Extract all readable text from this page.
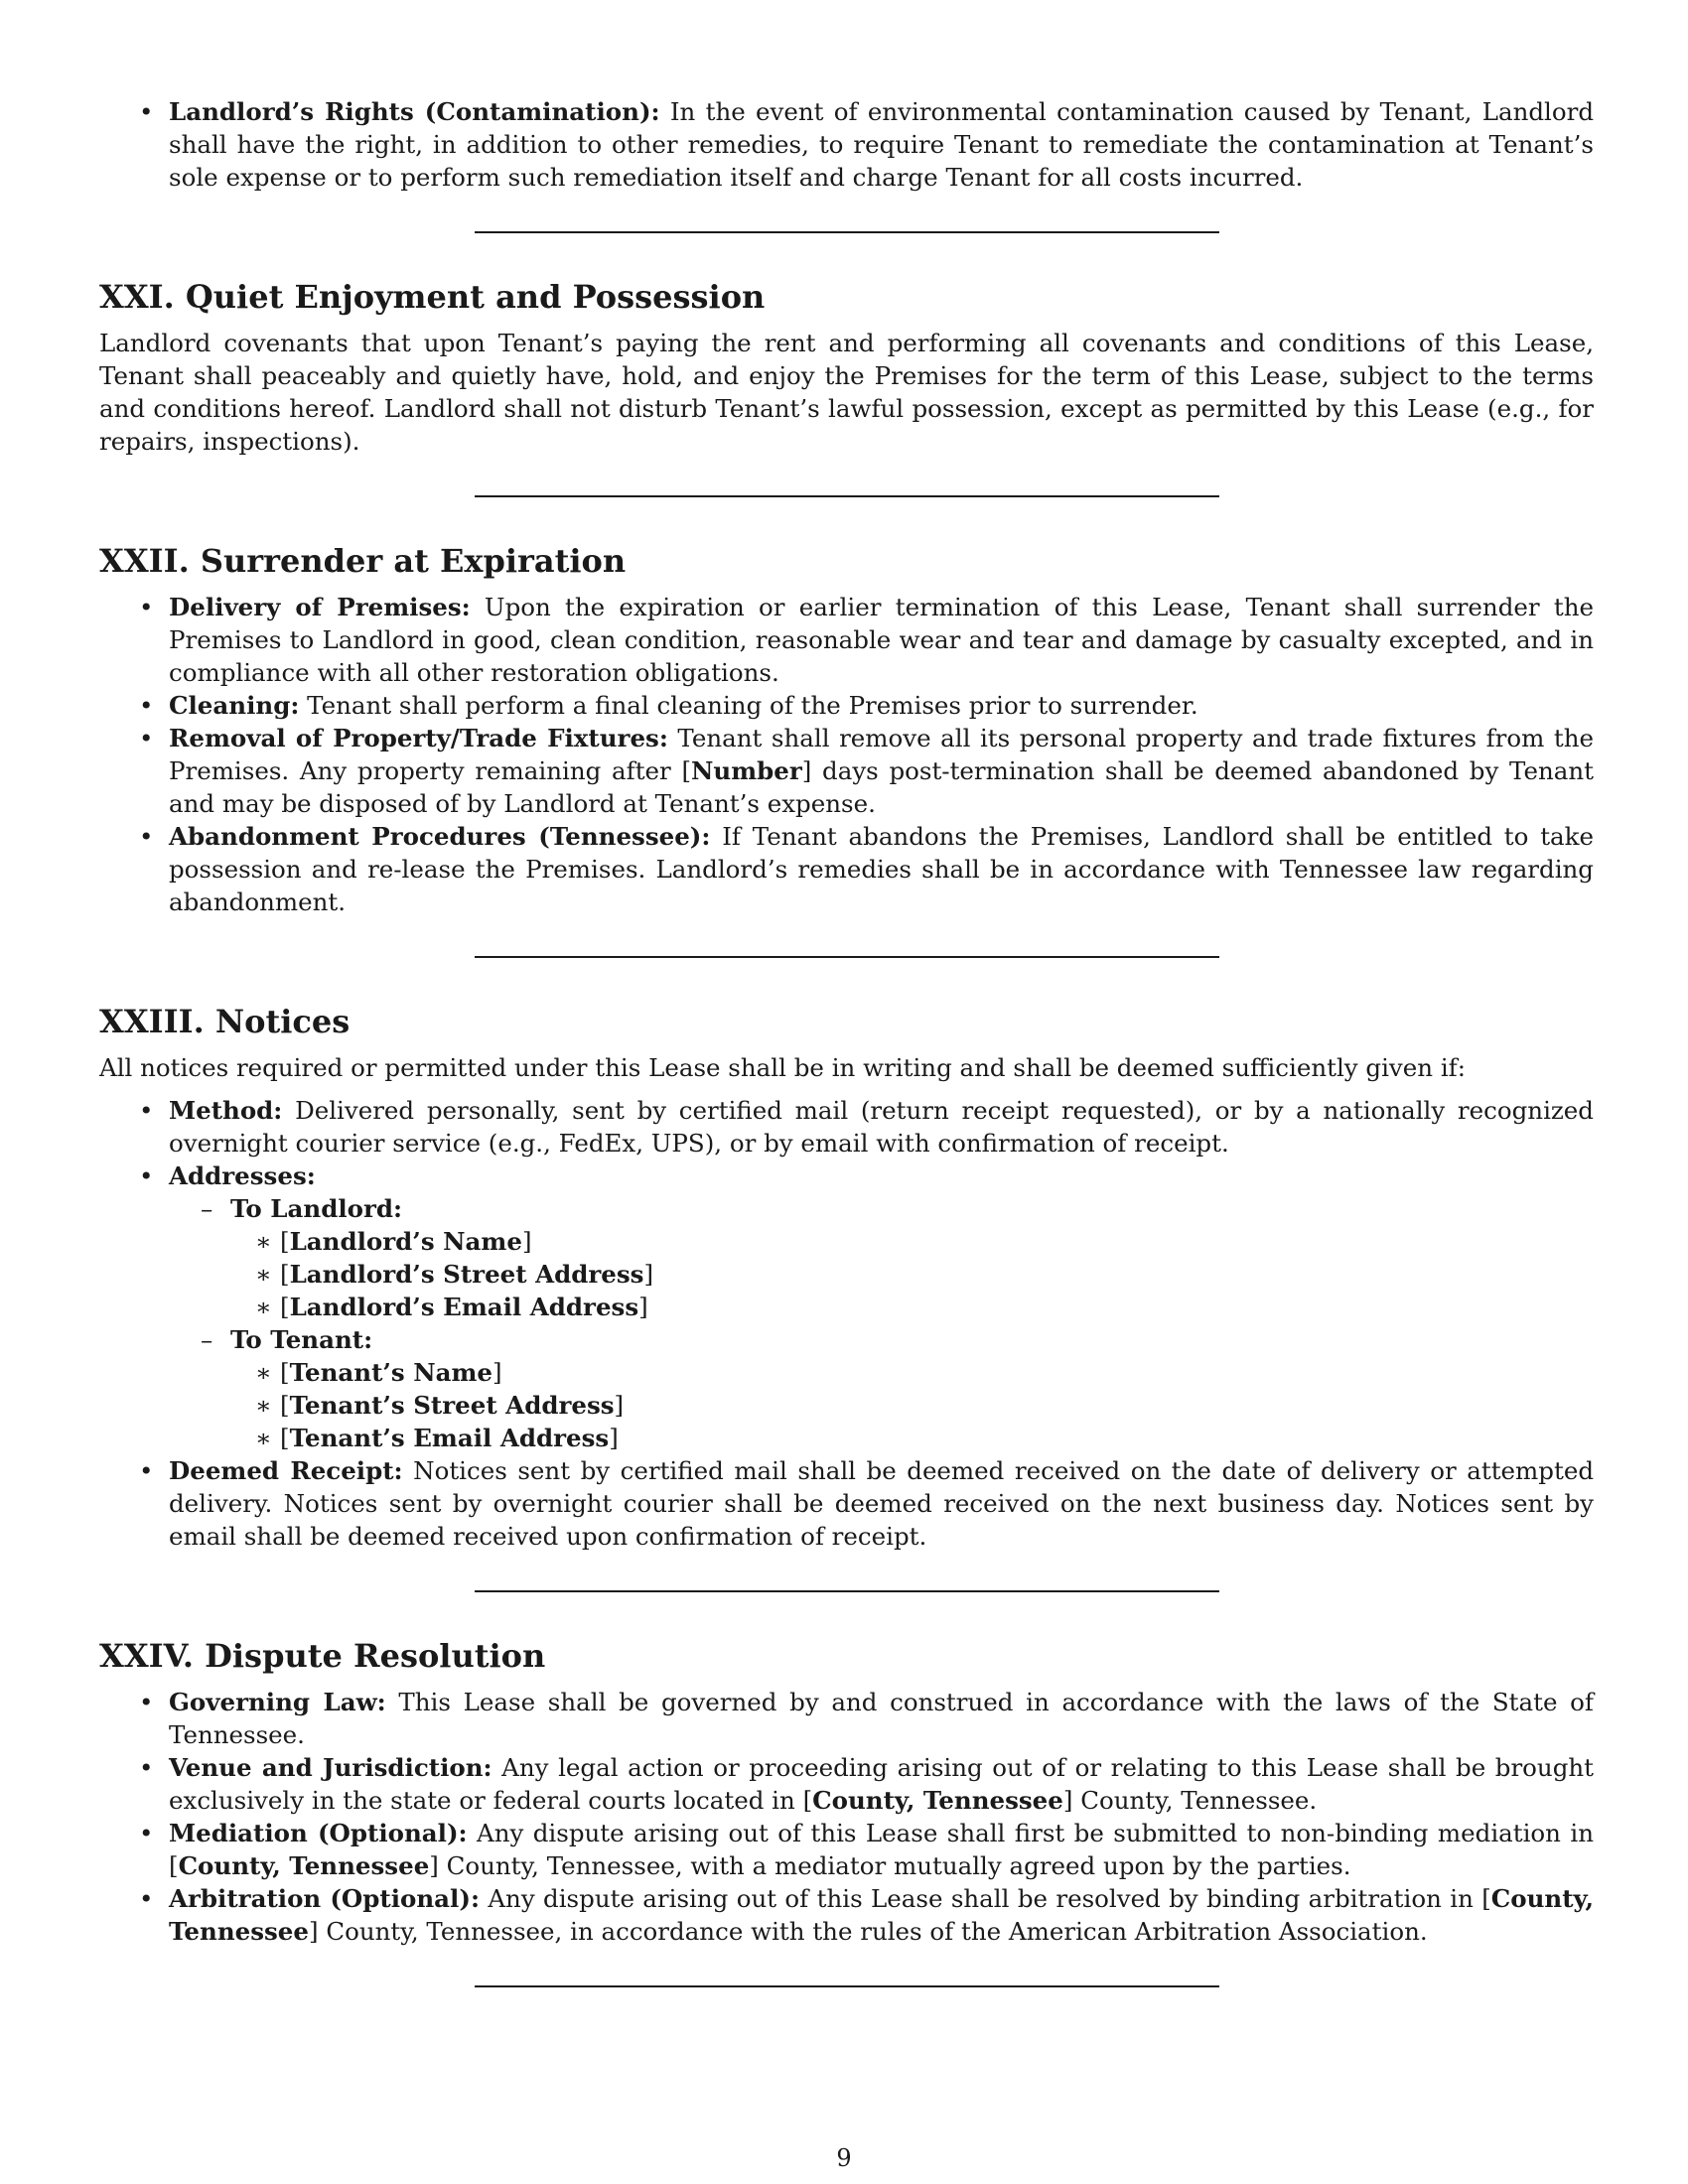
• Landlord’s Rights (Contamination): In the event of environmental contamination caused by Tenant, Landlord shall have the right, in addition to other remedies, to require Tenant to remediate the contamination at Tenant’s sole expense or to perform such remediation itself and charge Tenant for all costs incurred.
XXI. Quiet Enjoyment and Possession

Landlord covenants that upon Tenant’s paying the rent and performing all covenants and conditions of this Lease, Tenant shall peaceably and quietly have, hold, and enjoy the Premises for the term of this Lease, subject to the terms and conditions hereof. Landlord shall not disturb Tenant’s lawful possession, except as permitted by this Lease (e.g., for repairs, inspections).

XXII. Surrender at Expiration
• Delivery of Premises: Upon the expiration or earlier termination of this Lease, Tenant shall surrender the Premises to Landlord in good, clean condition, reasonable wear and tear and damage by casualty excepted, and in compliance with all other restoration obligations.
• Cleaning: Tenant shall perform a final cleaning of the Premises prior to surrender.
• Removal of Property/Trade Fixtures: Tenant shall remove all its personal property and trade fixtures from the Premises. Any property remaining after [Number] days post-termination shall be deemed abandoned by Tenant and may be disposed of by Landlord at Tenant’s expense.
• Abandonment Procedures (Tennessee): If Tenant abandons the Premises, Landlord shall be entitled to take possession and re-lease the Premises. Landlord’s remedies shall be in accordance with Tennessee law regarding abandonment.
XXIII. Notices

All notices required or permitted under this Lease shall be in writing and shall be deemed sufficiently given if:

• Method: Delivered personally, sent by certified mail (return receipt requested), or by a nationally recognized overnight courier service (e.g., FedEx, UPS), or by email with confirmation of receipt.
• Addresses:
– To Landlord:
∗ [Landlord’s Name]
∗ [Landlord’s Street Address]
∗ [Landlord’s Email Address]
– To Tenant:
∗ [Tenant’s Name]
∗ [Tenant’s Street Address]
∗ [Tenant’s Email Address]
• Deemed Receipt: Notices sent by certified mail shall be deemed received on the date of delivery or attempted delivery. Notices sent by overnight courier shall be deemed received on the next business day. Notices sent by email shall be deemed received upon confirmation of receipt.
XXIV. Dispute Resolution
• Governing Law: This Lease shall be governed by and construed in accordance with the laws of the State of Tennessee.
• Venue and Jurisdiction: Any legal action or proceeding arising out of or relating to this Lease shall be brought exclusively in the state or federal courts located in [County, Tennessee] County, Tennessee.
• Mediation (Optional): Any dispute arising out of this Lease shall first be submitted to non-binding mediation in [County, Tennessee] County, Tennessee, with a mediator mutually agreed upon by the parties.
• Arbitration (Optional): Any dispute arising out of this Lease shall be resolved by binding arbitration in [County, Tennessee] County, Tennessee, in accordance with the rules of the American Arbitration Association.
9
